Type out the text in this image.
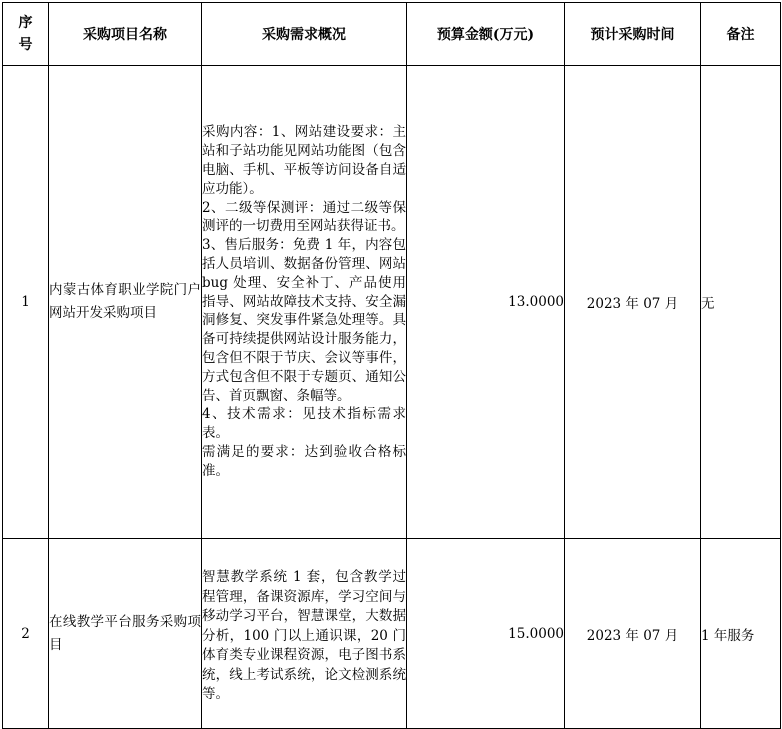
序号	采购项目名称	采购需求概况	预算金额(万元)	预计采购时间	备注
1	内蒙古体育职业学院门户网站开发采购项目	采购内容：1、网站建设要求：主站和子站功能见网站功能图（包含电脑、手机、平板等访问设备自适应功能）。
2、二级等保测评：通过二级等保测评的一切费用至网站获得证书。
3、售后服务：免费 1 年，内容包括人员培训、数据备份管理、网站 bug 处理、安全补丁、产品使用指导、网站故障技术支持、安全漏洞修复、突发事件紧急处理等。具备可持续提供网站设计服务能力，包含但不限于节庆、会议等事件，方式包含但不限于专题页、通知公告、首页飘窗、条幅等。
4、技术需求：见技术指标需求表。
需满足的要求：达到验收合格标准。	13.0000	2023 年 07 月	无
2	在线教学平台服务采购项目	智慧教学系统 1 套，包含教学过程管理，备课资源库，学习空间与移动学习平台，智慧课堂，大数据分析，100 门以上通识课，20 门体育类专业课程资源，电子图书系统，线上考试系统，论文检测系统等。	15.0000	2023 年 07 月	1 年服务
